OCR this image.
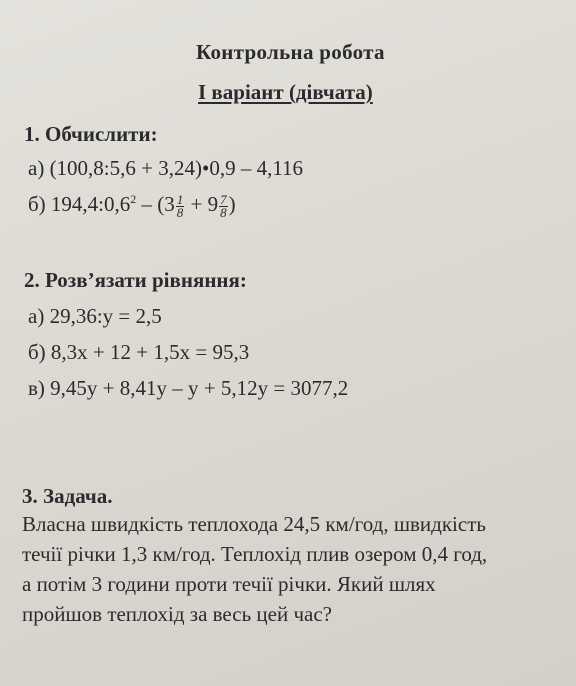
Контрольна робота
І варіант (дівчата)
1. Обчислити:
а) (100,8:5,6 + 3,24)•0,9 – 4,116
б) $194,4:0,6^2 - (3 \frac{1}{8} + 9 \frac{7}{8}$ )
2. Розв’язати рівняння:
а) 29,36:у = 2,5
б) 8,3х + 12 + 1,5х = 95,3
в) 9,45у + 8,41у – у + 5,12у = 3077,2
3. Задача.
Власна швидкість теплохода 24,5 км/год, швидкість
течії річки 1,3 км/год. Теплохід плив озером 0,4 год,
а потім 3 години проти течії річки. Який шлях
пройшов теплохід за весь цей час?
